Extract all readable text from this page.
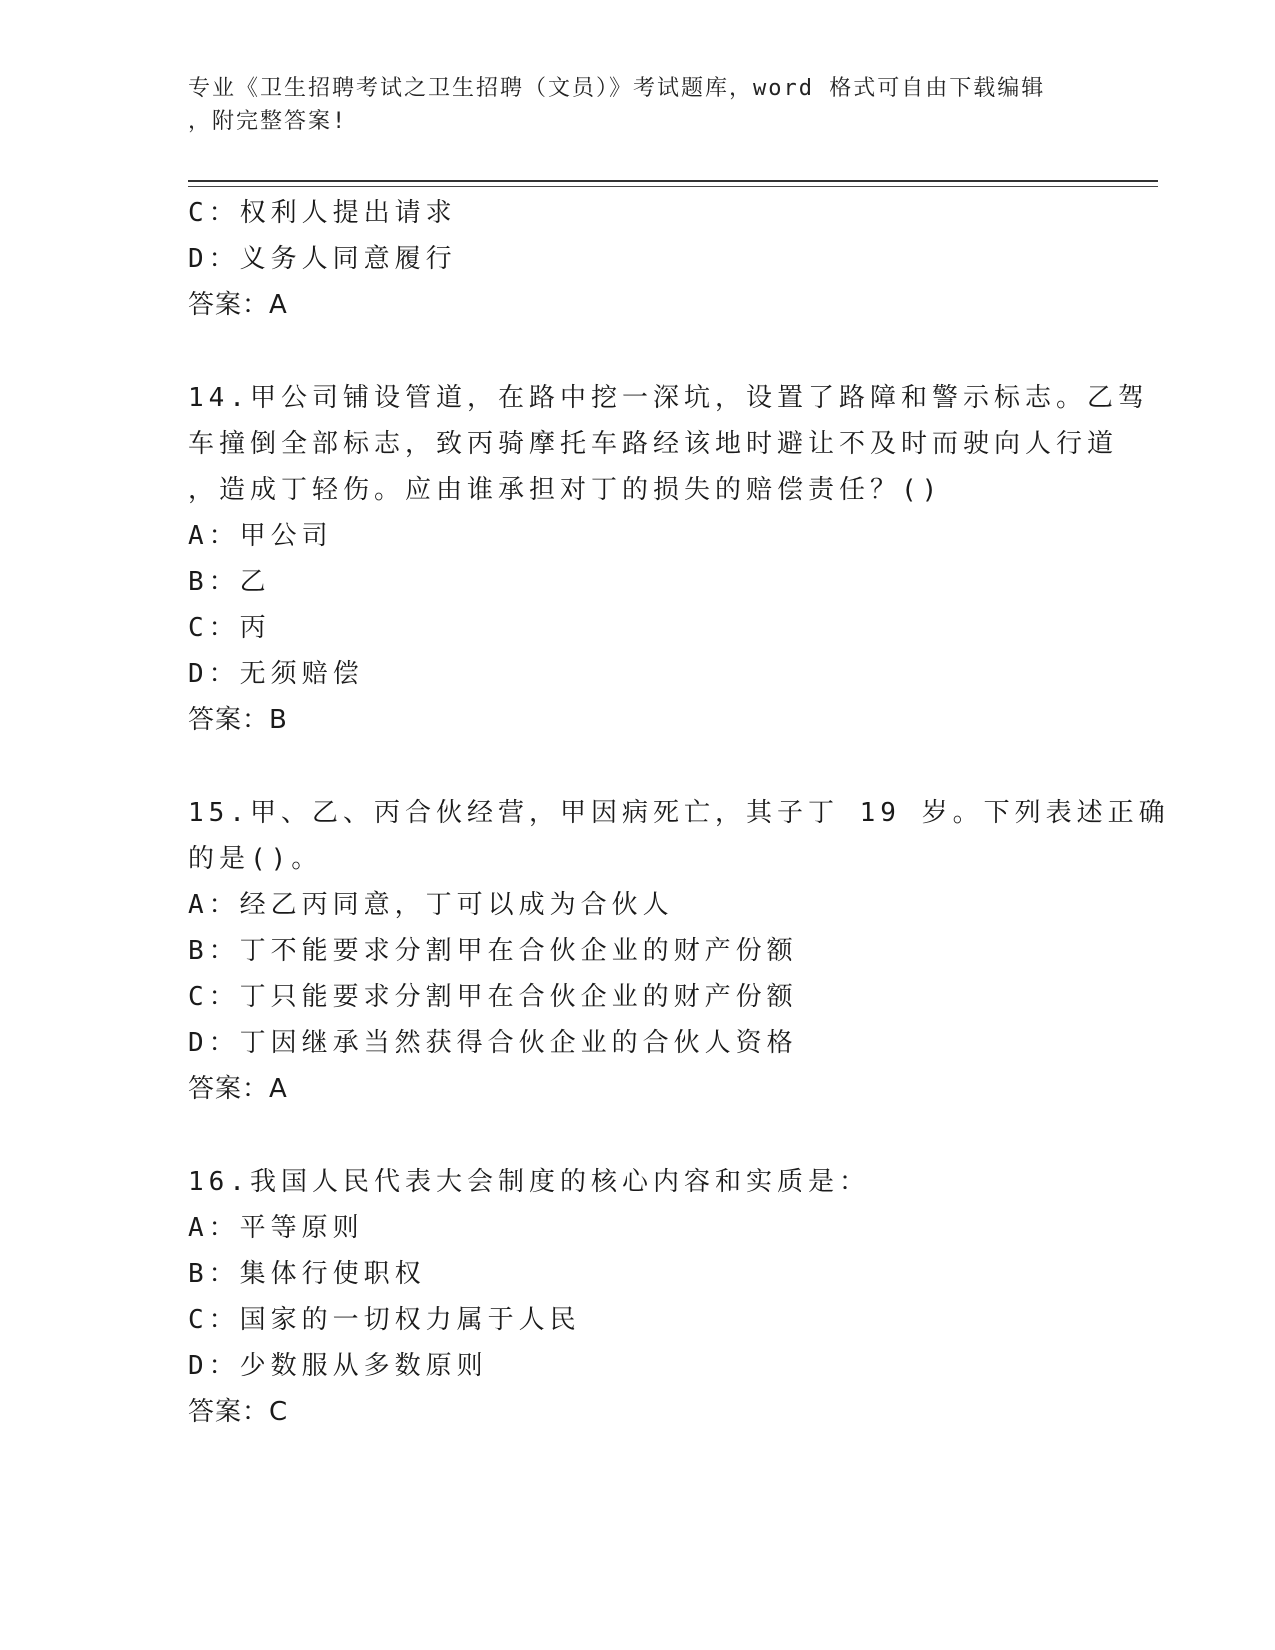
专业《卫生招聘考试之卫生招聘（文员）》考试题库，word 格式可自由下载编辑
，附完整答案!
C：权利人提出请求
D：义务人同意履行
答案：A
14.甲公司铺设管道，在路中挖一深坑，设置了路障和警示标志。乙驾
车撞倒全部标志，致丙骑摩托车路经该地时避让不及时而驶向人行道
，造成丁轻伤。应由谁承担对丁的损失的赔偿责任？()
A：甲公司
B：乙
C：丙
D：无须赔偿
答案：B
15.甲、乙、丙合伙经营，甲因病死亡，其子丁 19 岁。下列表述正确
的是()。
A：经乙丙同意，丁可以成为合伙人
B：丁不能要求分割甲在合伙企业的财产份额
C：丁只能要求分割甲在合伙企业的财产份额
D：丁因继承当然获得合伙企业的合伙人资格
答案：A
16.我国人民代表大会制度的核心内容和实质是：
A：平等原则
B：集体行使职权
C：国家的一切权力属于人民
D：少数服从多数原则
答案：C
